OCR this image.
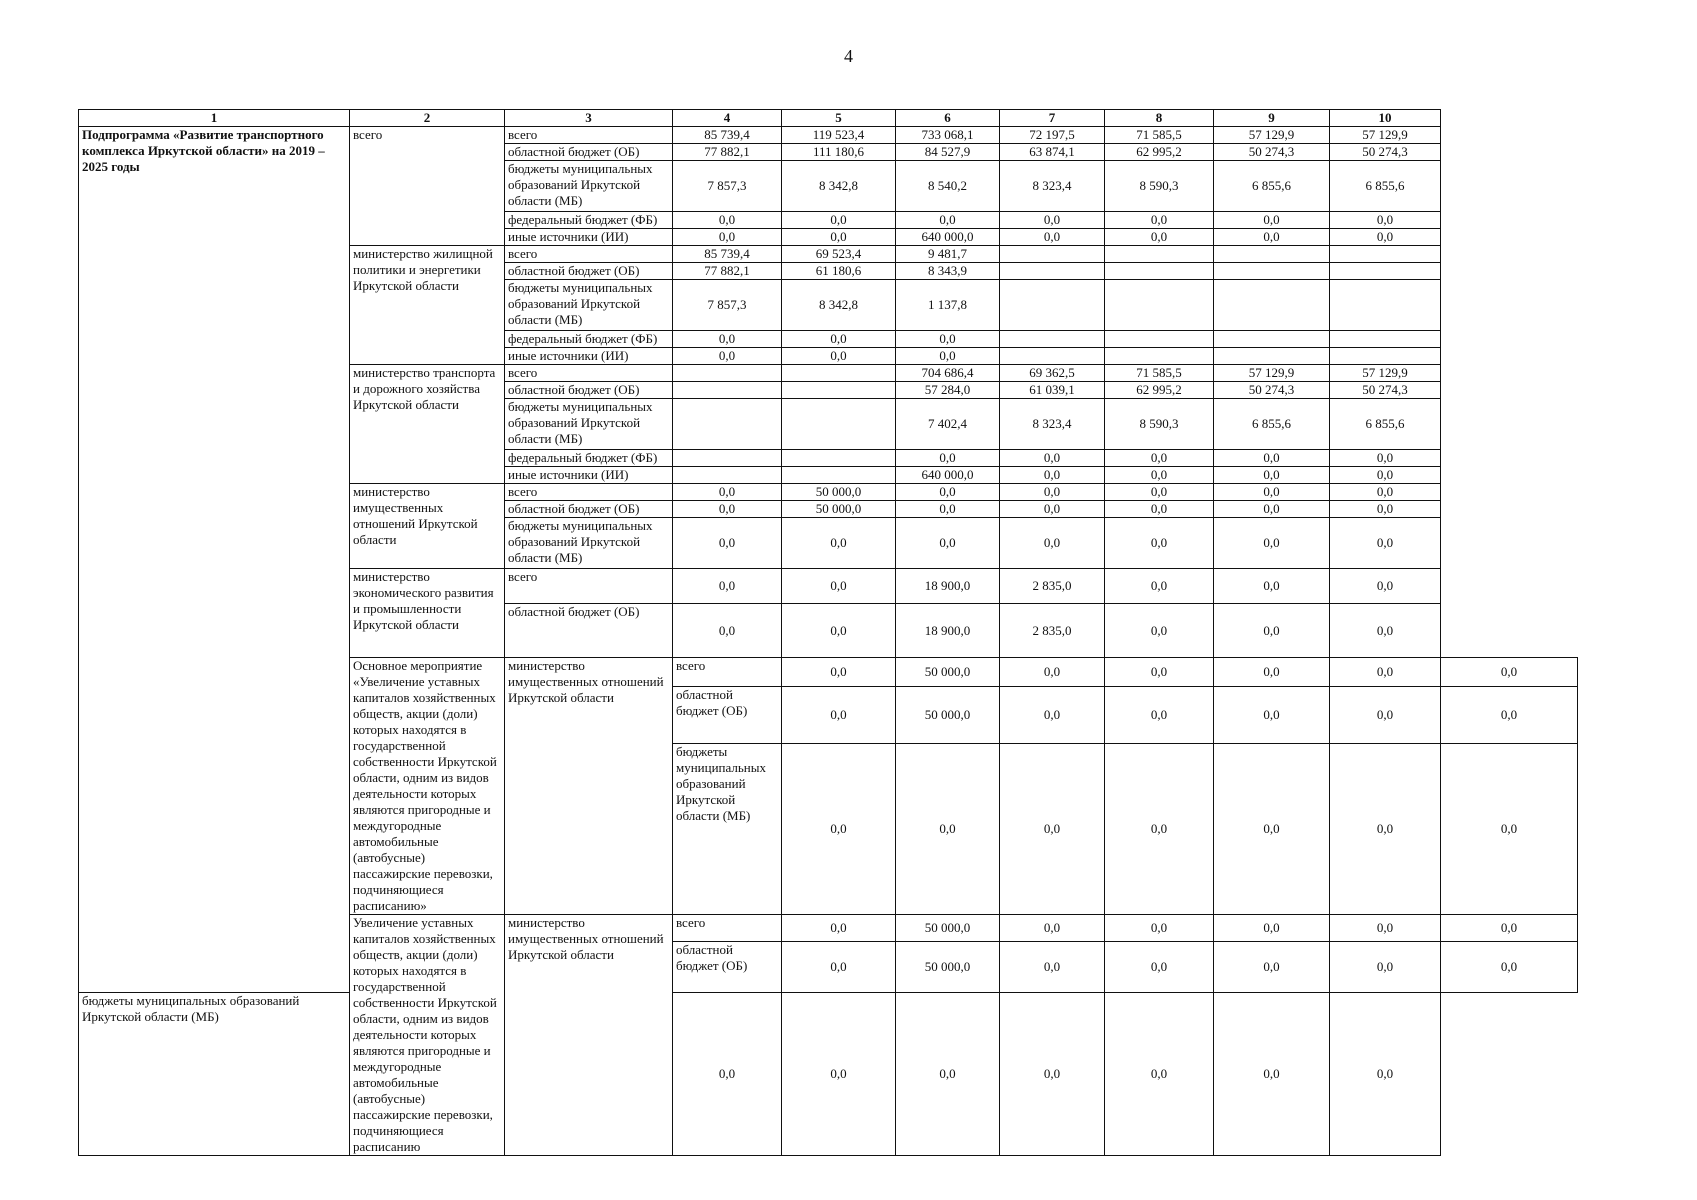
4
1	2	3	4	5	6	7	8	9	10	
Подпрограмма «Развитие транспортного комплекса Иркутской области» на 2019 – 2025 годы	всего	всего	85 739,4	119 523,4	733 068,1	72 197,5	71 585,5	57 129,9	57 129,9	
		областной бюджет (ОБ)	77 882,1	111 180,6	84 527,9	63 874,1	62 995,2	50 274,3	50 274,3	
		бюджеты муниципальных образований Иркутской области (МБ)	7 857,3	8 342,8	8 540,2	8 323,4	8 590,3	6 855,6	6 855,6	
		федеральный бюджет (ФБ)	0,0	0,0	0,0	0,0	0,0	0,0	0,0	
		иные источники (ИИ)	0,0	0,0	640 000,0	0,0	0,0	0,0	0,0	
	министерство жилищной политики и энергетики Иркутской области	всего	85 739,4	69 523,4	9 481,7					
		областной бюджет (ОБ)	77 882,1	61 180,6	8 343,9					
		бюджеты муниципальных образований Иркутской области (МБ)	7 857,3	8 342,8	1 137,8					
		федеральный бюджет (ФБ)	0,0	0,0	0,0					
		иные источники (ИИ)	0,0	0,0	0,0					
	министерство транспорта и дорожного хозяйства Иркутской области	всего			704 686,4	69 362,5	71 585,5	57 129,9	57 129,9	
		областной бюджет (ОБ)			57 284,0	61 039,1	62 995,2	50 274,3	50 274,3	
		бюджеты муниципальных образований Иркутской области (МБ)			7 402,4	8 323,4	8 590,3	6 855,6	6 855,6	
		федеральный бюджет (ФБ)			0,0	0,0	0,0	0,0	0,0	
		иные источники (ИИ)			640 000,0	0,0	0,0	0,0	0,0	
	министерство имущественных отношений Иркутской области	всего	0,0	50 000,0	0,0	0,0	0,0	0,0	0,0	
		областной бюджет (ОБ)	0,0	50 000,0	0,0	0,0	0,0	0,0	0,0	
		бюджеты муниципальных образований Иркутской области (МБ)	0,0	0,0	0,0	0,0	0,0	0,0	0,0	
	министерство экономического развития и промышленности Иркутской области	всего	0,0	0,0	18 900,0	2 835,0	0,0	0,0	0,0	
		областной бюджет (ОБ)	0,0	0,0	18 900,0	2 835,0	0,0	0,0	0,0	
	Основное мероприятие «Увеличение уставных капиталов хозяйственных обществ, акции (доли) которых находятся в государственной собственности Иркутской области, одним из видов деятельности которых являются пригородные и междугородные автомобильные (автобусные) пассажирские перевозки, подчиняющиеся расписанию»	министерство имущественных отношений Иркутской области	всего	0,0	50 000,0	0,0	0,0	0,0	0,0	0,0
			областной бюджет (ОБ)	0,0	50 000,0	0,0	0,0	0,0	0,0	0,0
			бюджеты муниципальных образований Иркутской области (МБ)	0,0	0,0	0,0	0,0	0,0	0,0	0,0
	Увеличение уставных капиталов хозяйственных обществ, акции (доли) которых находятся в государственной собственности Иркутской области, одним из видов деятельности которых являются пригородные и междугородные автомобильные (автобусные) пассажирские перевозки, подчиняющиеся расписанию	министерство имущественных отношений Иркутской области	всего	0,0	50 000,0	0,0	0,0	0,0	0,0	0,0
			областной бюджет (ОБ)	0,0	50 000,0	0,0	0,0	0,0	0,0	0,0
бюджеты муниципальных образований Иркутской области (МБ)			0,0	0,0	0,0	0,0	0,0	0,0	0,0	
